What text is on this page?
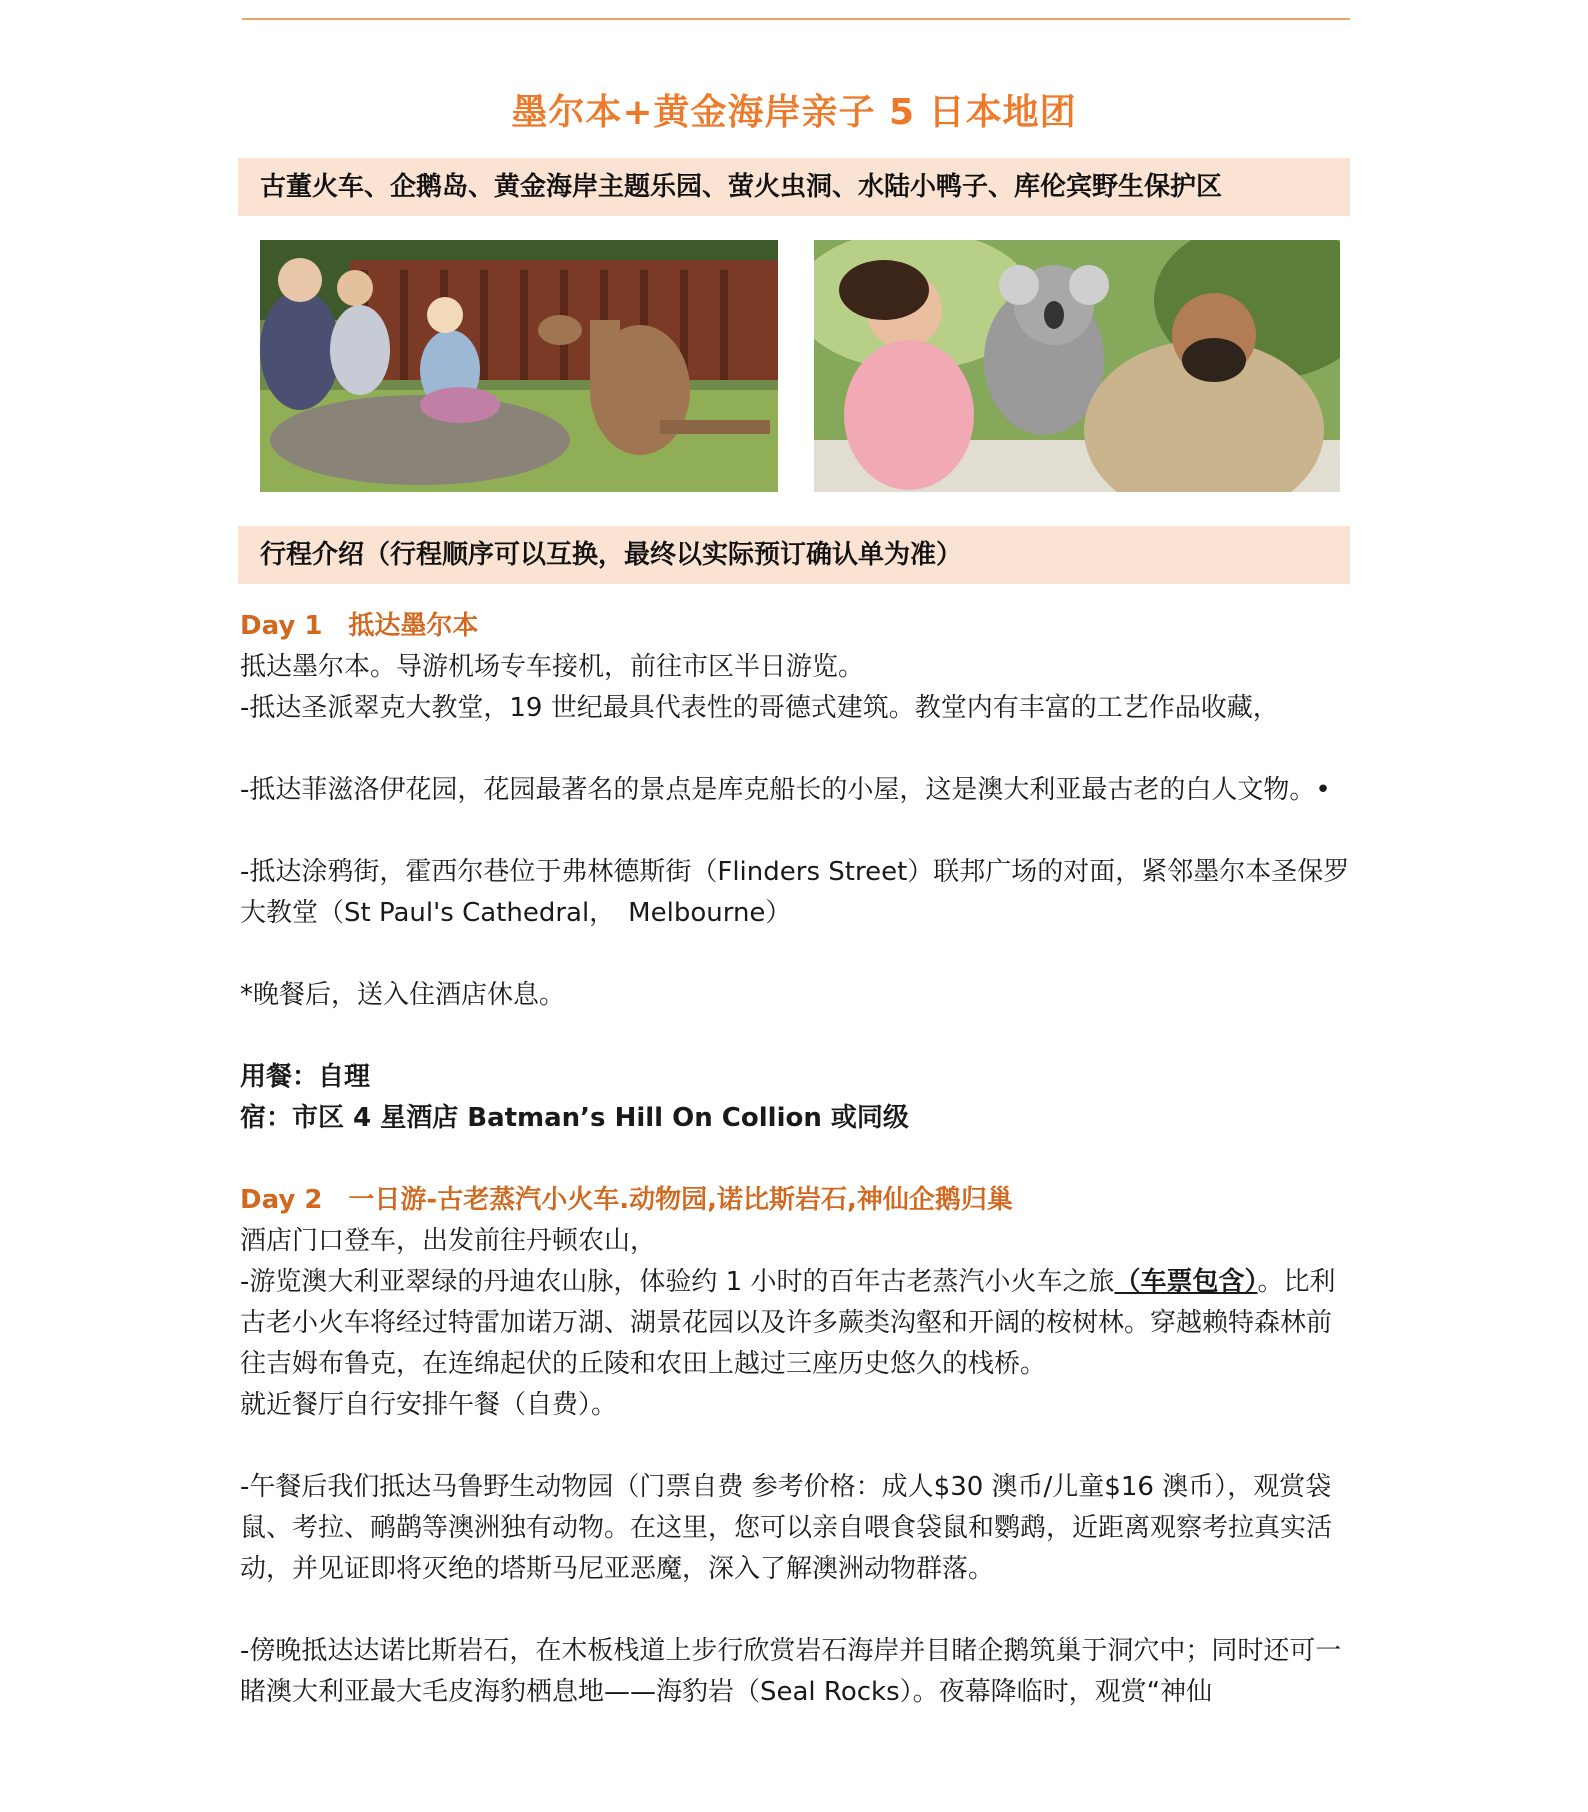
墨尔本+黄金海岸亲子 5 日本地团
古董火车、企鹅岛、黄金海岸主题乐园、萤火虫洞、水陆小鸭子、库伦宾野生保护区
行程介绍（行程顺序可以互换，最终以实际预订确认单为准）

Day 1　抵达墨尔本

抵达墨尔本。导游机场专车接机，前往市区半日游览。

-抵达圣派翠克大教堂，19 世纪最具代表性的哥德式建筑。教堂内有丰富的工艺作品收藏，

-抵达菲滋洛伊花园，花园最著名的景点是库克船长的小屋，这是澳大利亚最古老的白人文物。•

-抵达涂鸦街，霍西尔巷位于弗林德斯街（Flinders Street）联邦广场的对面，紧邻墨尔本圣保罗大教堂（St Paul's Cathedral，　Melbourne）

*晚餐后，送入住酒店休息。

用餐：自理

宿：市区 4 星酒店 Batman’s Hill On Collion 或同级

Day 2　一日游-古老蒸汽小火车.动物园,诺比斯岩石,神仙企鹅归巢

酒店门口登车，出发前往丹顿农山，

-游览澳大利亚翠绿的丹迪农山脉，体验约 1 小时的百年古老蒸汽小火车之旅（车票包含）。比利古老小火车将经过特雷加诺万湖、湖景花园以及许多蕨类沟壑和开阔的桉树林。穿越赖特森林前往吉姆布鲁克，在连绵起伏的丘陵和农田上越过三座历史悠久的栈桥。

就近餐厅自行安排午餐（自费）。

-午餐后我们抵达马鲁野生动物园（门票自费 参考价格：成人$30 澳币/儿童$16 澳币），观赏袋鼠、考拉、鸸鹋等澳洲独有动物。在这里，您可以亲自喂食袋鼠和鹦鹉，近距离观察考拉真实活动，并见证即将灭绝的塔斯马尼亚恶魔，深入了解澳洲动物群落。

-傍晚抵达达诺比斯岩石，在木板栈道上步行欣赏岩石海岸并目睹企鹅筑巢于洞穴中；同时还可一睹澳大利亚最大毛皮海豹栖息地——海豹岩（Seal Rocks）。夜幕降临时，观赏“神仙
